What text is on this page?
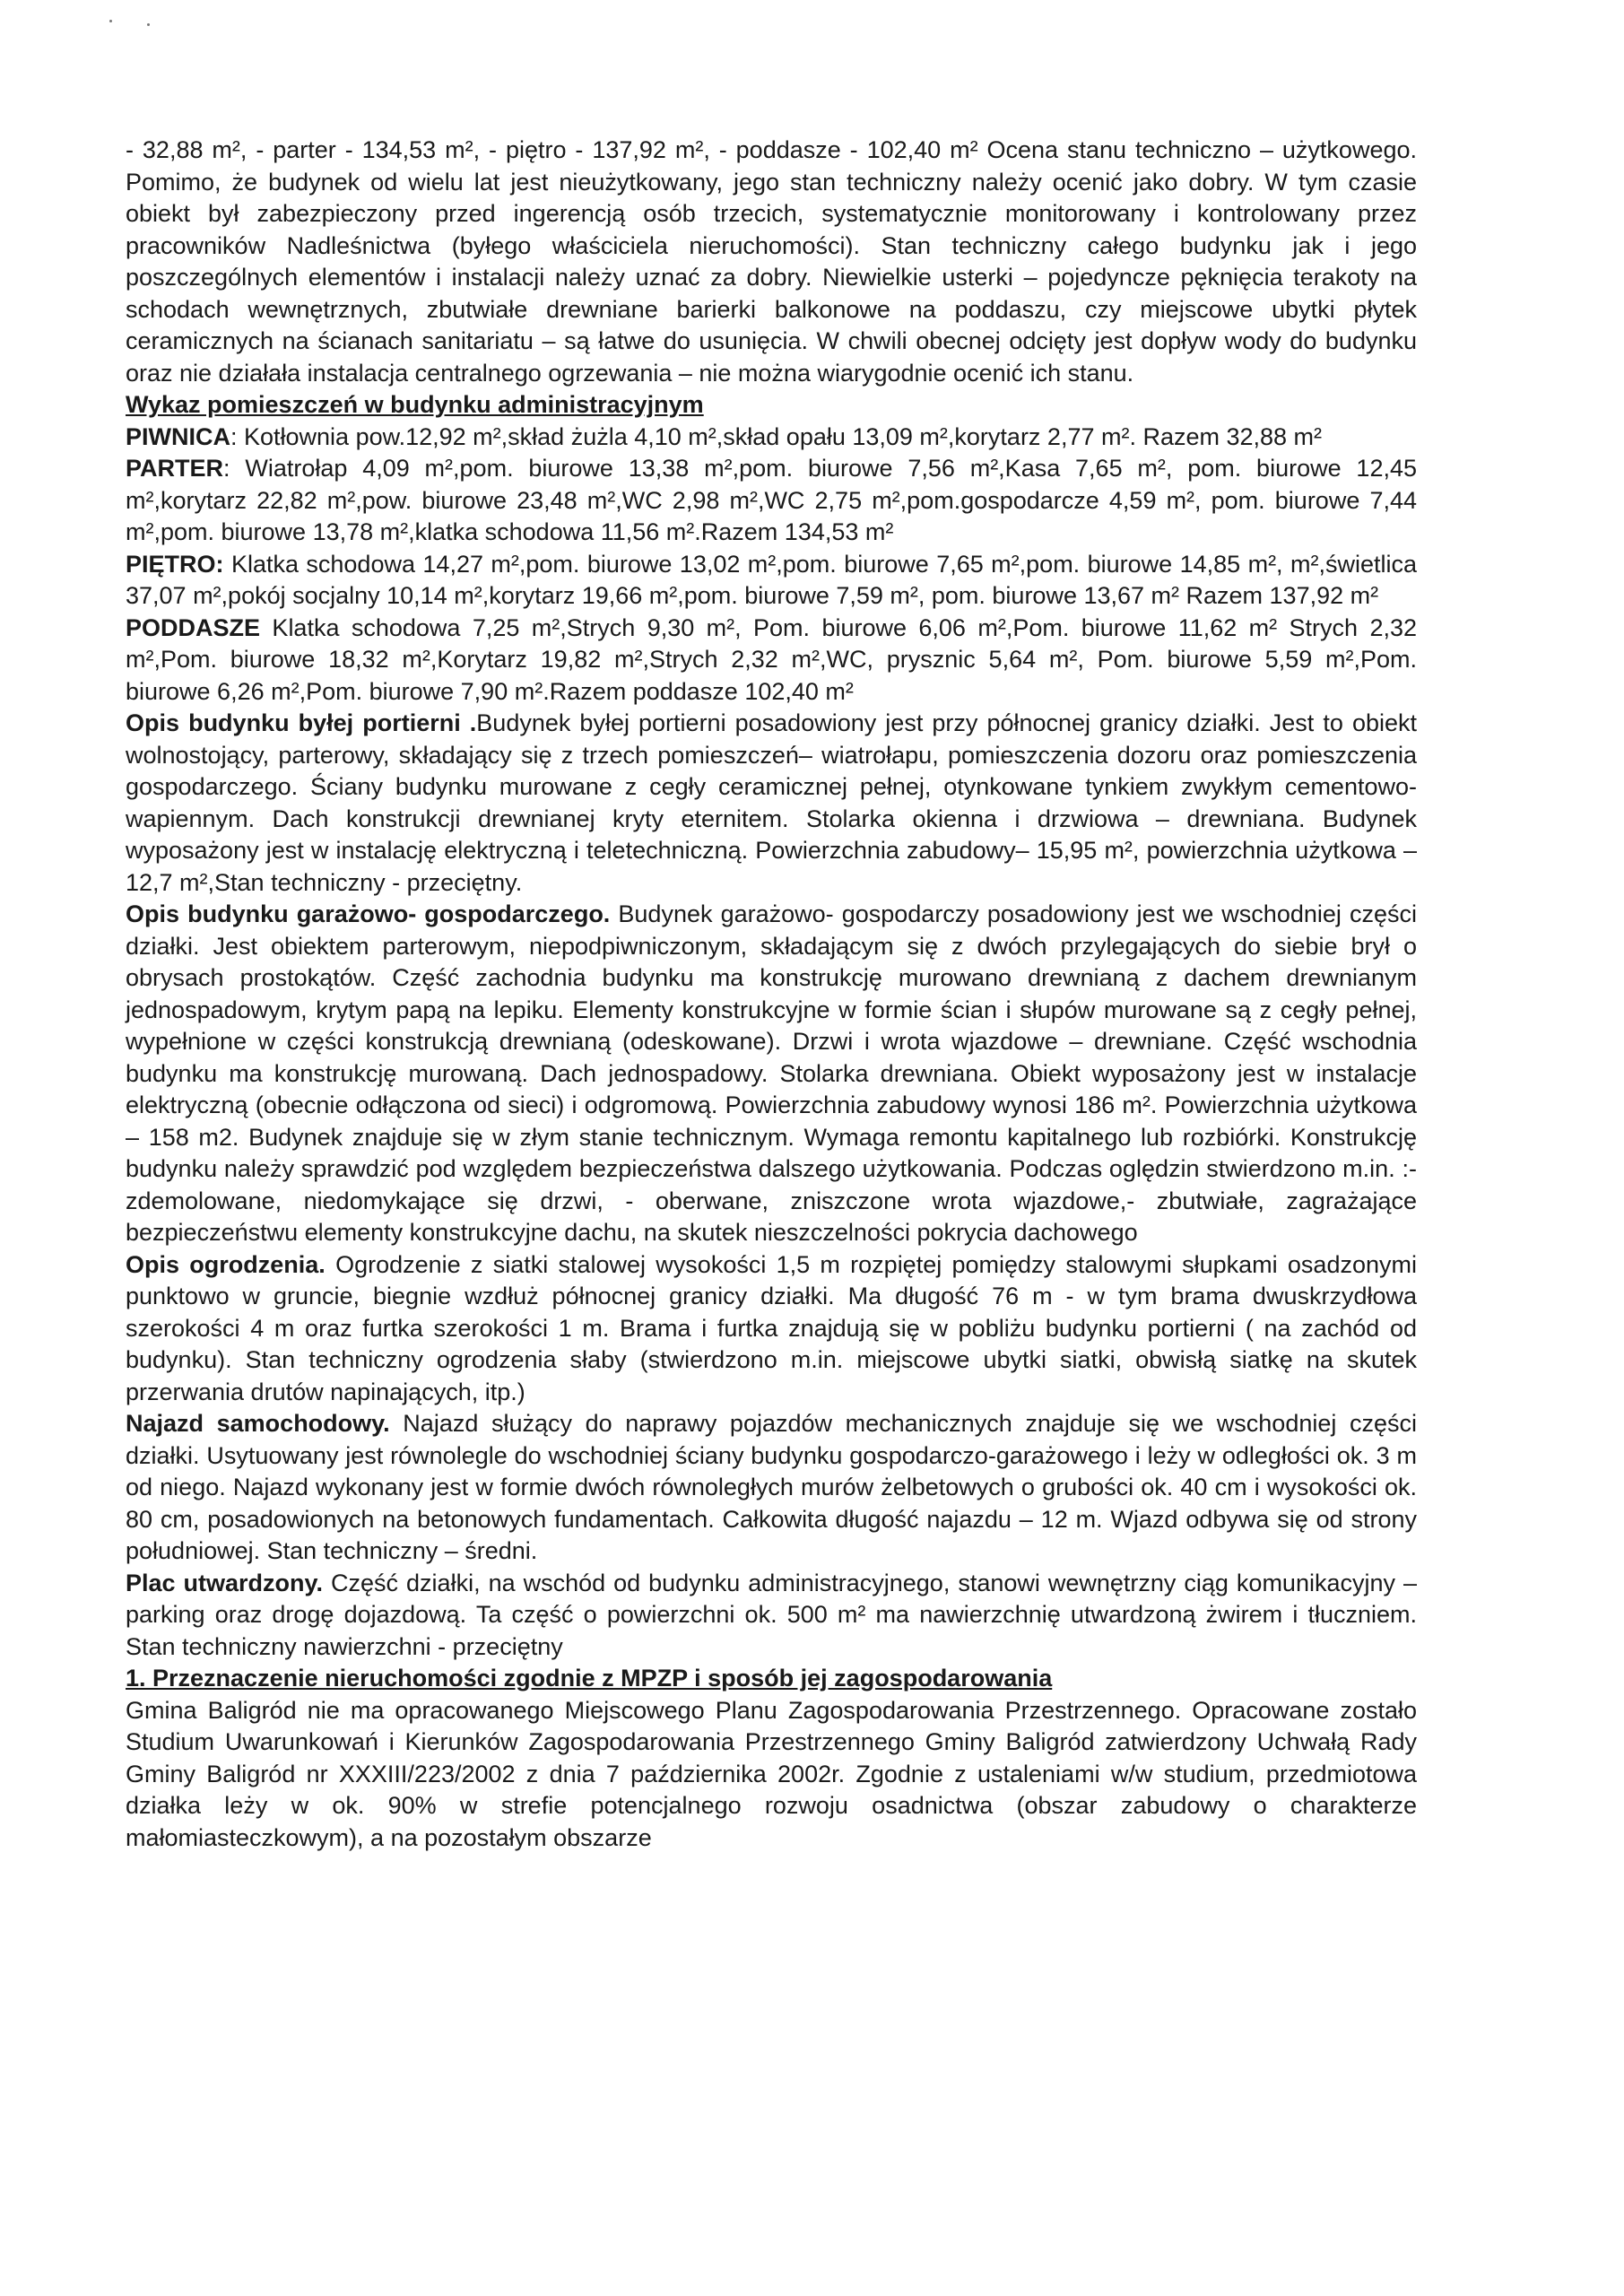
- 32,88 m², - parter - 134,53 m², - piętro - 137,92 m², - poddasze - 102,40 m² Ocena stanu techniczno – użytkowego. Pomimo, że budynek od wielu lat jest nieużytkowany, jego stan techniczny należy ocenić jako dobry. W tym czasie obiekt był zabezpieczony przed ingerencją osób trzecich, systematycznie monitorowany i kontrolowany przez pracowników Nadleśnictwa (byłego właściciela nieruchomości). Stan techniczny całego budynku jak i jego poszczególnych elementów i instalacji należy uznać za dobry. Niewielkie usterki – pojedyncze pęknięcia terakoty na schodach wewnętrznych, zbutwiałe drewniane barierki balkonowe na poddaszu, czy miejscowe ubytki płytek ceramicznych na ścianach sanitariatu – są łatwe do usunięcia. W chwili obecnej odcięty jest dopływ wody do budynku oraz nie działała instalacja centralnego ogrzewania – nie można wiarygodnie ocenić ich stanu.

Wykaz pomieszczeń w budynku administracyjnym

PIWNICA: Kotłownia pow.12,92 m²,skład żużla 4,10 m²,skład opału 13,09 m²,korytarz 2,77 m². Razem 32,88 m²

PARTER: Wiatrołap 4,09 m²,pom. biurowe 13,38 m²,pom. biurowe 7,56 m²,Kasa 7,65 m², pom. biurowe 12,45 m²,korytarz 22,82 m²,pow. biurowe 23,48 m²,WC 2,98 m²,WC 2,75 m²,pom.gospodarcze 4,59 m², pom. biurowe 7,44 m²,pom. biurowe 13,78 m²,klatka schodowa 11,56 m².Razem 134,53 m²

PIĘTRO: Klatka schodowa 14,27 m²,pom. biurowe 13,02 m²,pom. biurowe 7,65 m²,pom. biurowe 14,85 m², m²,świetlica 37,07 m²,pokój socjalny 10,14 m²,korytarz 19,66 m²,pom. biurowe 7,59 m², pom. biurowe 13,67 m² Razem 137,92 m²

PODDASZE Klatka schodowa 7,25 m²,Strych 9,30 m², Pom. biurowe 6,06 m²,Pom. biurowe 11,62 m² Strych 2,32 m²,Pom. biurowe 18,32 m²,Korytarz 19,82 m²,Strych 2,32 m²,WC, prysznic 5,64 m², Pom. biurowe 5,59 m²,Pom. biurowe 6,26 m²,Pom. biurowe 7,90 m².Razem poddasze 102,40 m²

Opis budynku byłej portierni .Budynek byłej portierni posadowiony jest przy północnej granicy działki. Jest to obiekt wolnostojący, parterowy, składający się z trzech pomieszczeń– wiatrołapu, pomieszczenia dozoru oraz pomieszczenia gospodarczego. Ściany budynku murowane z cegły ceramicznej pełnej, otynkowane tynkiem zwykłym cementowo-wapiennym. Dach konstrukcji drewnianej kryty eternitem. Stolarka okienna i drzwiowa – drewniana. Budynek wyposażony jest w instalację elektryczną i teletechniczną. Powierzchnia zabudowy– 15,95 m², powierzchnia użytkowa –12,7 m²,Stan techniczny - przeciętny.

Opis budynku garażowo- gospodarczego. Budynek garażowo- gospodarczy posadowiony jest we wschodniej części działki. Jest obiektem parterowym, niepodpiwniczonym, składającym się z dwóch przylegających do siebie brył o obrysach prostokątów. Część zachodnia budynku ma konstrukcję murowano drewnianą z dachem drewnianym jednospadowym, krytym papą na lepiku. Elementy konstrukcyjne w formie ścian i słupów murowane są z cegły pełnej, wypełnione w części konstrukcją drewnianą (odeskowane). Drzwi i wrota wjazdowe – drewniane. Część wschodnia budynku ma konstrukcję murowaną. Dach jednospadowy. Stolarka drewniana. Obiekt wyposażony jest w instalacje elektryczną (obecnie odłączona od sieci) i odgromową. Powierzchnia zabudowy wynosi 186 m². Powierzchnia użytkowa – 158 m2. Budynek znajduje się w złym stanie technicznym. Wymaga remontu kapitalnego lub rozbiórki. Konstrukcję budynku należy sprawdzić pod względem bezpieczeństwa dalszego użytkowania. Podczas oględzin stwierdzono m.in. :- zdemolowane, niedomykające się drzwi, - oberwane, zniszczone wrota wjazdowe,- zbutwiałe, zagrażające bezpieczeństwu elementy konstrukcyjne dachu, na skutek nieszczelności pokrycia dachowego

Opis ogrodzenia. Ogrodzenie z siatki stalowej wysokości 1,5 m rozpiętej pomiędzy stalowymi słupkami osadzonymi punktowo w gruncie, biegnie wzdłuż północnej granicy działki. Ma długość 76 m - w tym brama dwuskrzydłowa szerokości 4 m oraz furtka szerokości 1 m. Brama i furtka znajdują się w pobliżu budynku portierni ( na zachód od budynku). Stan techniczny ogrodzenia słaby (stwierdzono m.in. miejscowe ubytki siatki, obwisłą siatkę na skutek przerwania drutów napinających, itp.)

Najazd samochodowy. Najazd służący do naprawy pojazdów mechanicznych znajduje się we wschodniej części działki. Usytuowany jest równolegle do wschodniej ściany budynku gospodarczo-garażowego i leży w odległości ok. 3 m od niego. Najazd wykonany jest w formie dwóch równoległych murów żelbetowych o grubości ok. 40 cm i wysokości ok. 80 cm, posadowionych na betonowych fundamentach. Całkowita długość najazdu – 12 m. Wjazd odbywa się od strony południowej. Stan techniczny – średni.

Plac utwardzony. Część działki, na wschód od budynku administracyjnego, stanowi wewnętrzny ciąg komunikacyjny – parking oraz drogę dojazdową. Ta część o powierzchni ok. 500 m² ma nawierzchnię utwardzoną żwirem i tłuczniem. Stan techniczny nawierzchni - przeciętny

1. Przeznaczenie nieruchomości zgodnie z MPZP i sposób jej zagospodarowania

Gmina Baligród nie ma opracowanego Miejscowego Planu Zagospodarowania Przestrzennego. Opracowane zostało Studium Uwarunkowań i Kierunków Zagospodarowania Przestrzennego Gminy Baligród zatwierdzony Uchwałą Rady Gminy Baligród nr XXXIII/223/2002 z dnia 7 października 2002r. Zgodnie z ustaleniami w/w studium, przedmiotowa działka leży w ok. 90% w strefie potencjalnego rozwoju osadnictwa (obszar zabudowy o charakterze małomiasteczkowym), a na pozostałym obszarze
